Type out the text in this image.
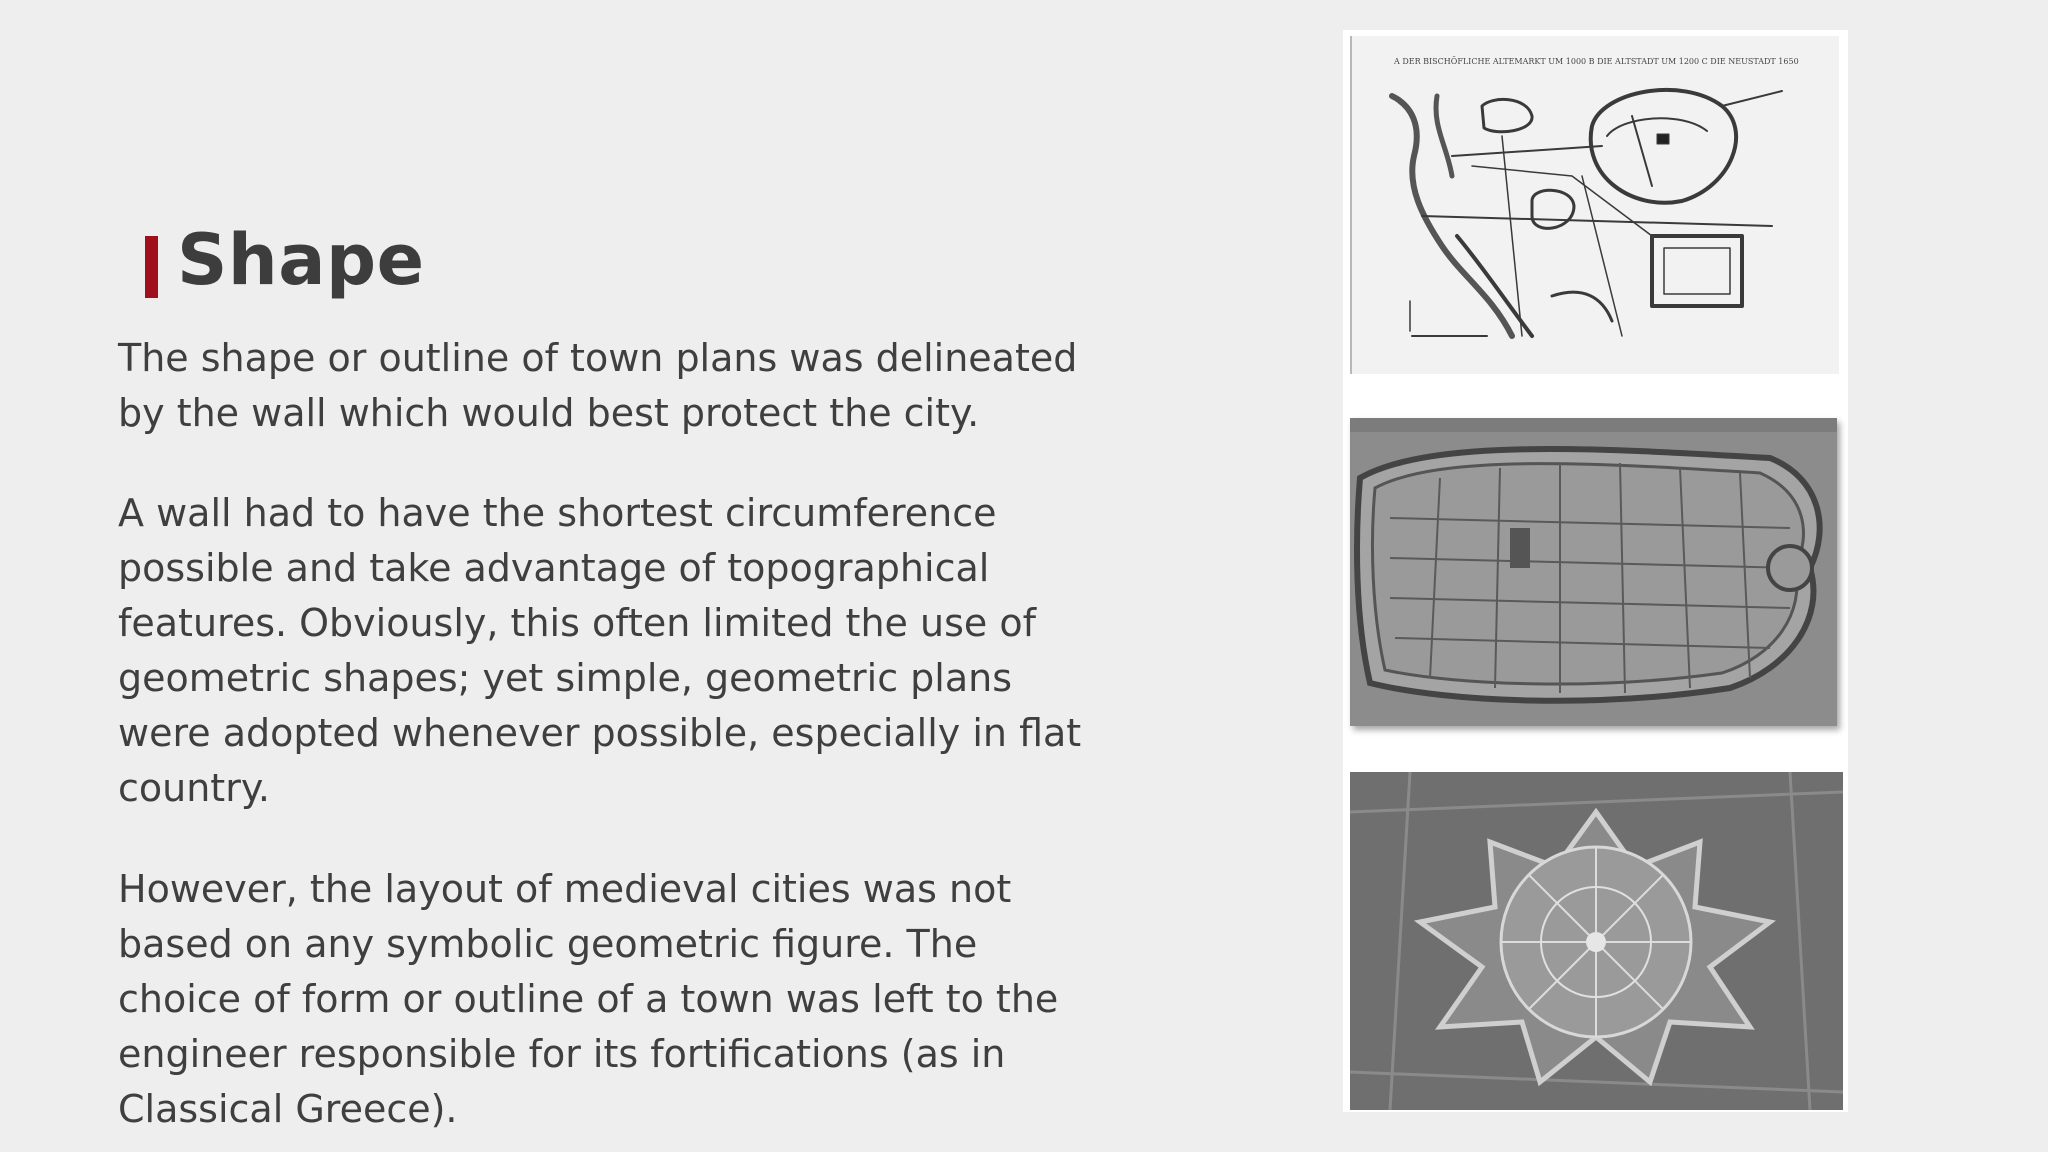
Shape

The shape or outline of town plans was delineated
by the wall which would best protect the city.

A wall had to have the shortest circumference
possible and take advantage of topographical
features. Obviously, this often limited the use of
geometric shapes; yet simple, geometric plans
were adopted whenever possible, especially in flat
country.

However, the layout of medieval cities was not
based on any symbolic geometric figure. The
choice of form or outline of a town was left to the
engineer responsible for its fortifications (as in
Classical Greece).

A DER BISCHÖFLICHE ALTEMARKT UM 1000 B DIE ALTSTADT UM 1200 C DIE NEUSTADT 1650
